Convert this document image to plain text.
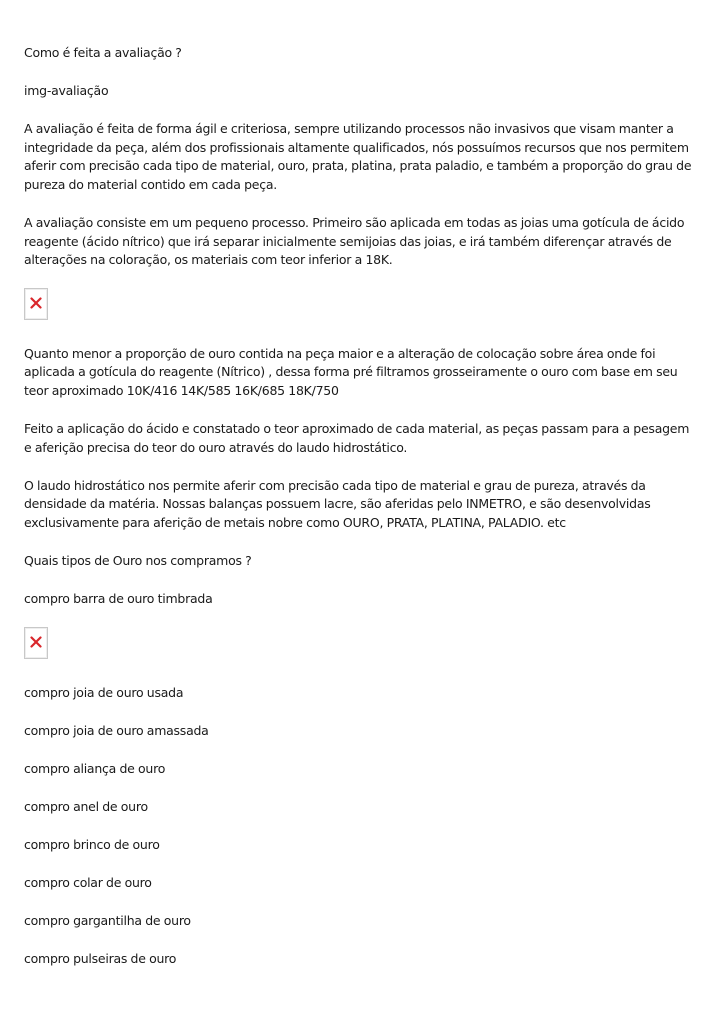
Como é feita a avaliação ?

img-avaliação

A avaliação é feita de forma ágil e criteriosa, sempre utilizando processos não invasivos que visam manter a integridade da peça, além dos profissionais altamente qualificados, nós possuímos recursos que nos permitem aferir com precisão cada tipo de material, ouro, prata, platina, prata paladio, e também a proporção do grau de pureza do material contido em cada peça.

A avaliação consiste em um pequeno processo. Primeiro são aplicada em todas as joias uma gotícula de ácido reagente (ácido nítrico) que irá separar inicialmente semijoias das joias, e irá também diferençar através de alterações na coloração, os materiais com teor inferior a 18K.

Quanto menor a proporção de ouro contida na peça maior e a alteração de colocação sobre área onde foi aplicada a gotícula do reagente (Nítrico) , dessa forma pré filtramos grosseiramente o ouro com base em seu teor aproximado 10K/416 14K/585 16K/685 18K/750

Feito a aplicação do ácido e constatado o teor aproximado de cada material, as peças passam para a pesagem e aferição precisa do teor do ouro através do laudo hidrostático.

O laudo hidrostático nos permite aferir com precisão cada tipo de material e grau de pureza, através da densidade da matéria. Nossas balanças possuem lacre, são aferidas pelo INMETRO, e são desenvolvidas exclusivamente para aferição de metais nobre como OURO, PRATA, PLATINA, PALADIO. etc

Quais tipos de Ouro nos compramos ?

compro barra de ouro timbrada

compro joia de ouro usada

compro joia de ouro amassada

compro aliança de ouro

compro anel de ouro

compro brinco de ouro

compro colar de ouro

compro gargantilha de ouro

compro pulseiras de ouro
